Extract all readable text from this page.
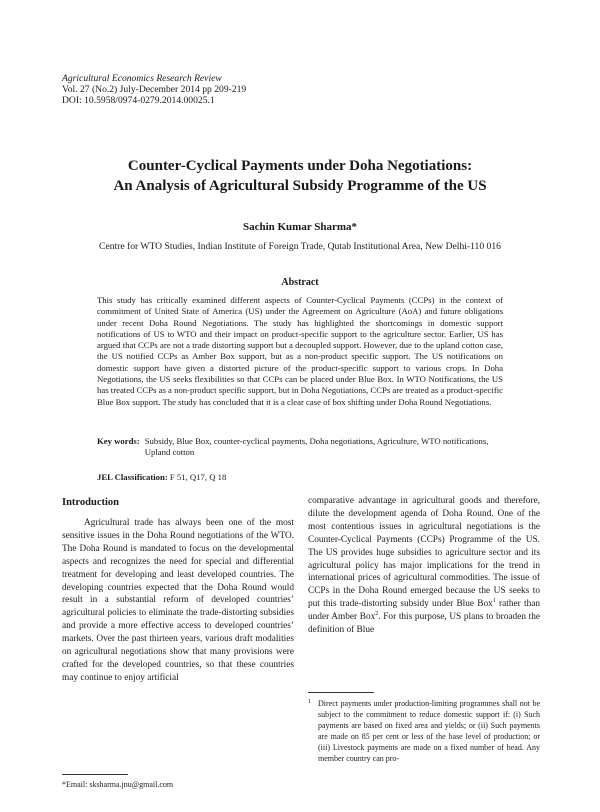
Agricultural Economics Research Review
Vol. 27 (No.2) July-December 2014 pp 209-219
DOI: 10.5958/0974-0279.2014.00025.1
Counter-Cyclical Payments under Doha Negotiations:
An Analysis of Agricultural Subsidy Programme of the US
Sachin Kumar Sharma*
Centre for WTO Studies, Indian Institute of Foreign Trade, Qutab Institutional Area, New Delhi-110 016
Abstract
This study has critically examined different aspects of Counter-Cyclical Payments (CCPs) in the context of commitment of United State of America (US) under the Agreement on Agriculture (AoA) and future obligations under recent Doha Round Negotiations. The study has highlighted the shortcomings in domestic support notifications of US to WTO and their impact on product-specific support to the agriculture sector. Earlier, US has argued that CCPs are not a trade distorting support but a decoupled support. However, due to the upland cotton case, the US notified CCPs as Amber Box support, but as a non-product specific support. The US notifications on domestic support have given a distorted picture of the product-specific support to various crops. In Doha Negotiations, the US seeks flexibilities so that CCPs can be placed under Blue Box. In WTO Notifications, the US has treated CCPs as a non-product specific support, but in Doha Negotiations, CCPs are treated as a product-specific Blue Box support. The study has concluded that it is a clear case of box shifting under Doha Round Negotiations.
Key words: Subsidy, Blue Box, counter-cyclical payments, Doha negotiations, Agriculture, WTO notifications, Upland cotton
JEL Classification: F 51, Q17, Q 18
Introduction

Agricultural trade has always been one of the most sensitive issues in the Doha Round negotiations of the WTO. The Doha Round is mandated to focus on the developmental aspects and recognizes the need for special and differential treatment for developing and least developed countries. The developing countries expected that the Doha Round would result in a substantial reform of developed countries’ agricultural policies to eliminate the trade-distorting subsidies and provide a more effective access to developed countries’ markets. Over the past thirteen years, various draft modalities on agricultural negotiations show that many provisions were crafted for the developed countries, so that these countries may continue to enjoy artificial

comparative advantage in agricultural goods and therefore, dilute the development agenda of Doha Round. One of the most contentious issues in agricultural negotiations is the Counter-Cyclical Payments (CCPs) Programme of the US. The US provides huge subsidies to agriculture sector and its agricultural policy has major implications for the trend in international prices of agricultural commodities. The issue of CCPs in the Doha Round emerged because the US seeks to put this trade-distorting subsidy under Blue Box$^1$ rather than under Amber Box$^2$. For this purpose, US plans to broaden the definition of Blue

1 Direct payments under production-limiting programmes shall not be subject to the commitment to reduce domestic support if: (i) Such payments are based on fixed area and yields; or (ii) Such payments are made on 85 per cent or less of the base level of production; or (iii) Livestock payments are made on a fixed number of head. Any member country can pro-
*Email: sksharma.jnu@gmail.com
